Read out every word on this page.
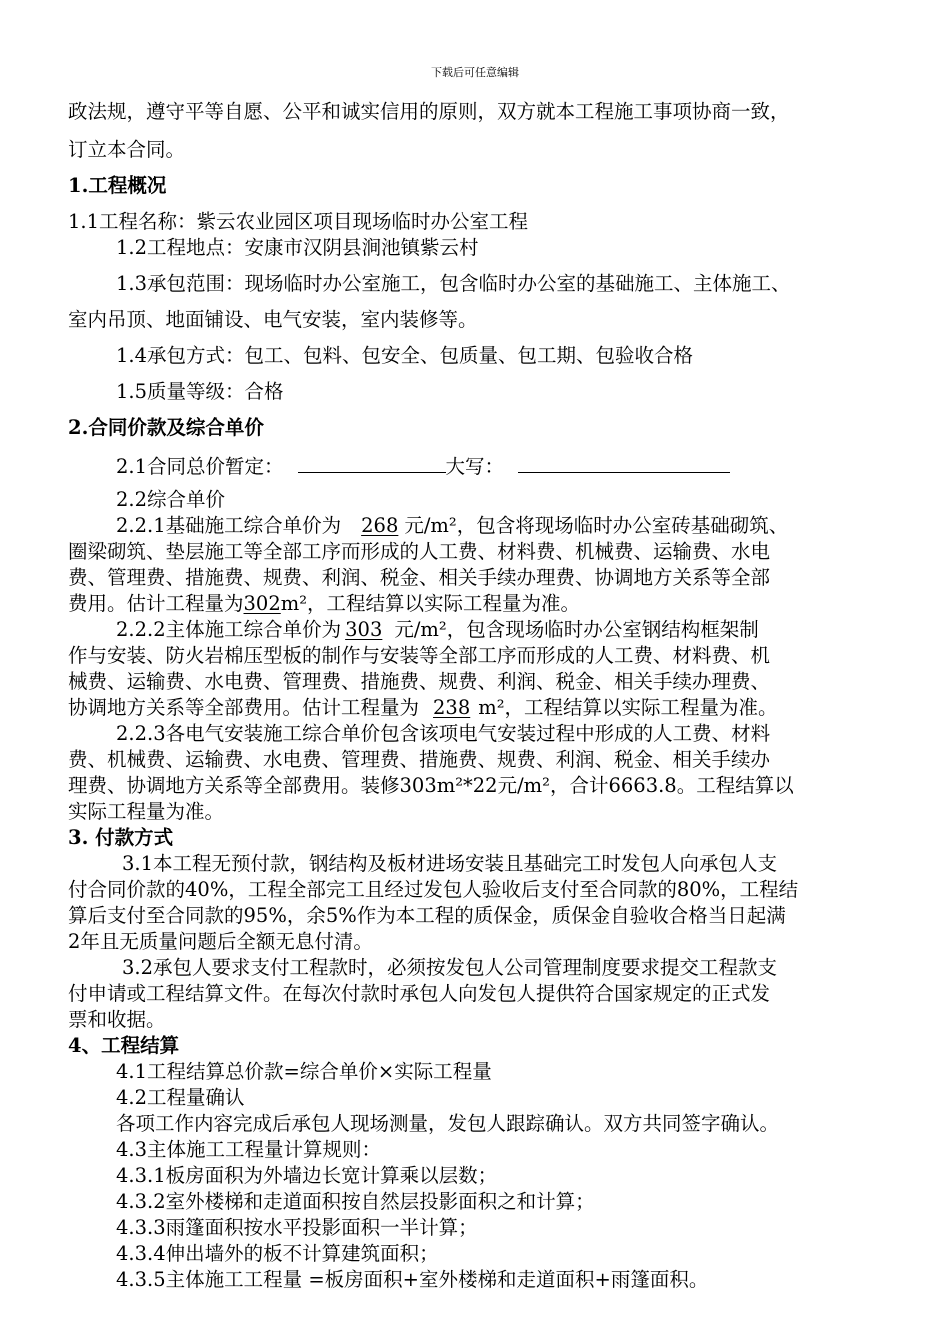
下载后可任意编辑
政法规，遵守平等自愿、公平和诚实信用的原则，双方就本工程施工事项协商一致，
订立本合同。
1.工程概况
1.1工程名称：紫云农业园区项目现场临时办公室工程
1.2工程地点：安康市汉阴县涧池镇紫云村
1.3承包范围：现场临时办公室施工，包含临时办公室的基础施工、主体施工、
室内吊顶、地面铺设、电气安装，室内装修等。
1.4承包方式：包工、包料、包安全、包质量、包工期、包验收合格
1.5质量等级：合格
2.合同价款及综合单价
2.1合同总价暂定：	大写：
2.2综合单价
2.2.1基础施工综合单价为 268 元/m²，包含将现场临时办公室砖基础砌筑、
圈梁砌筑、垫层施工等全部工序而形成的人工费、材料费、机械费、运输费、水电
费、管理费、措施费、规费、利润、税金、相关手续办理费、协调地方关系等全部
费用。估计工程量为302m²，工程结算以实际工程量为准。
2.2.2主体施工综合单价为 303 元/m²，包含现场临时办公室钢结构框架制
作与安装、防火岩棉压型板的制作与安装等全部工序而形成的人工费、材料费、机
械费、运输费、水电费、管理费、措施费、规费、利润、税金、相关手续办理费、
协调地方关系等全部费用。估计工程量为 238 m²，工程结算以实际工程量为准。
2.2.3各电气安装施工综合单价包含该项电气安装过程中形成的人工费、材料
费、机械费、运输费、水电费、管理费、措施费、规费、利润、税金、相关手续办
理费、协调地方关系等全部费用。装修303m²*22元/m²，合计6663.8。工程结算以
实际工程量为准。
3. 付款方式
3.1本工程无预付款，钢结构及板材进场安装且基础完工时发包人向承包人支
付合同价款的40%，工程全部完工且经过发包人验收后支付至合同款的80%，工程结
算后支付至合同款的95%，余5%作为本工程的质保金，质保金自验收合格当日起满
2年且无质量问题后全额无息付清。
3.2承包人要求支付工程款时，必须按发包人公司管理制度要求提交工程款支
付申请或工程结算文件。在每次付款时承包人向发包人提供符合国家规定的正式发
票和收据。
4、工程结算
4.1工程结算总价款=综合单价×实际工程量
4.2工程量确认
各项工作内容完成后承包人现场测量，发包人跟踪确认。双方共同签字确认。
4.3主体施工工程量计算规则：
4.3.1板房面积为外墙边长宽计算乘以层数；
4.3.2室外楼梯和走道面积按自然层投影面积之和计算；
4.3.3雨篷面积按水平投影面积一半计算；
4.3.4伸出墙外的板不计算建筑面积；
4.3.5主体施工工程量 =板房面积+室外楼梯和走道面积+雨篷面积。
